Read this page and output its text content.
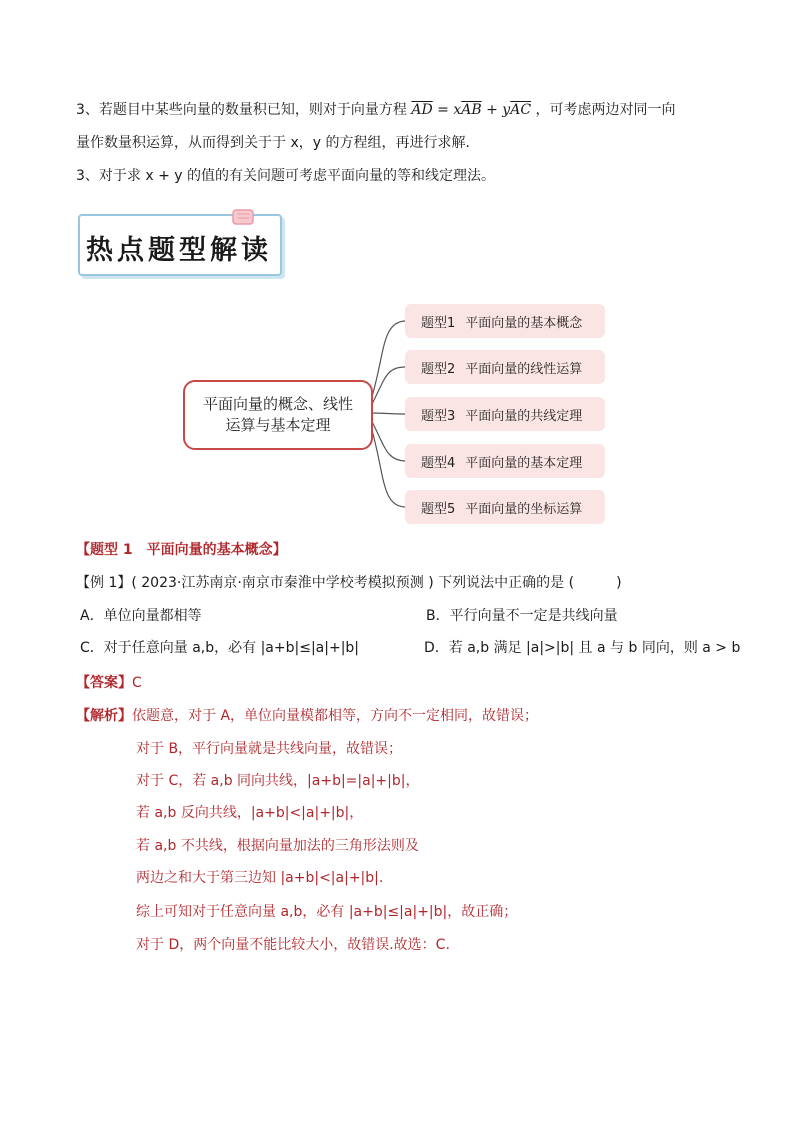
3、若题目中某些向量的数量积已知，则对于向量方程 $\overline{AD} = x\overline{AB} + y\overline{AC}$ ，可考虑两边对同一向
量作数量积运算，从而得到关于于 x，y 的方程组，再进行求解．
3、对于求 x + y 的值的有关问题可考虑平面向量的等和线定理法。
热点题型解读
平面向量的概念、线性运算与基本定理
题型1 平面向量的基本概念
题型2 平面向量的线性运算
题型3 平面向量的共线定理
题型4 平面向量的基本定理
题型5 平面向量的坐标运算
【题型 1　平面向量的基本概念】
【例 1】( 2023·江苏南京·南京市秦淮中学校考模拟预测 ) 下列说法中正确的是 (　　　)
A．单位向量都相等	B．平行向量不一定是共线向量
C．对于任意向量 a,b，必有 |a+b|≤|a|+|b|	D．若 a,b 满足 |a|>|b| 且 a 与 b 同向，则 a > b
【答案】C
【解析】依题意，对于 A，单位向量模都相等，方向不一定相同，故错误；
对于 B，平行向量就是共线向量，故错误；
对于 C，若 a,b 同向共线，|a+b|=|a|+|b|，
若 a,b 反向共线，|a+b|<|a|+|b|，
若 a,b 不共线，根据向量加法的三角形法则及
两边之和大于第三边知 |a+b|<|a|+|b|.
综上可知对于任意向量 a,b，必有 |a+b|≤|a|+|b|，故正确；
对于 D，两个向量不能比较大小，故错误.故选：C.
